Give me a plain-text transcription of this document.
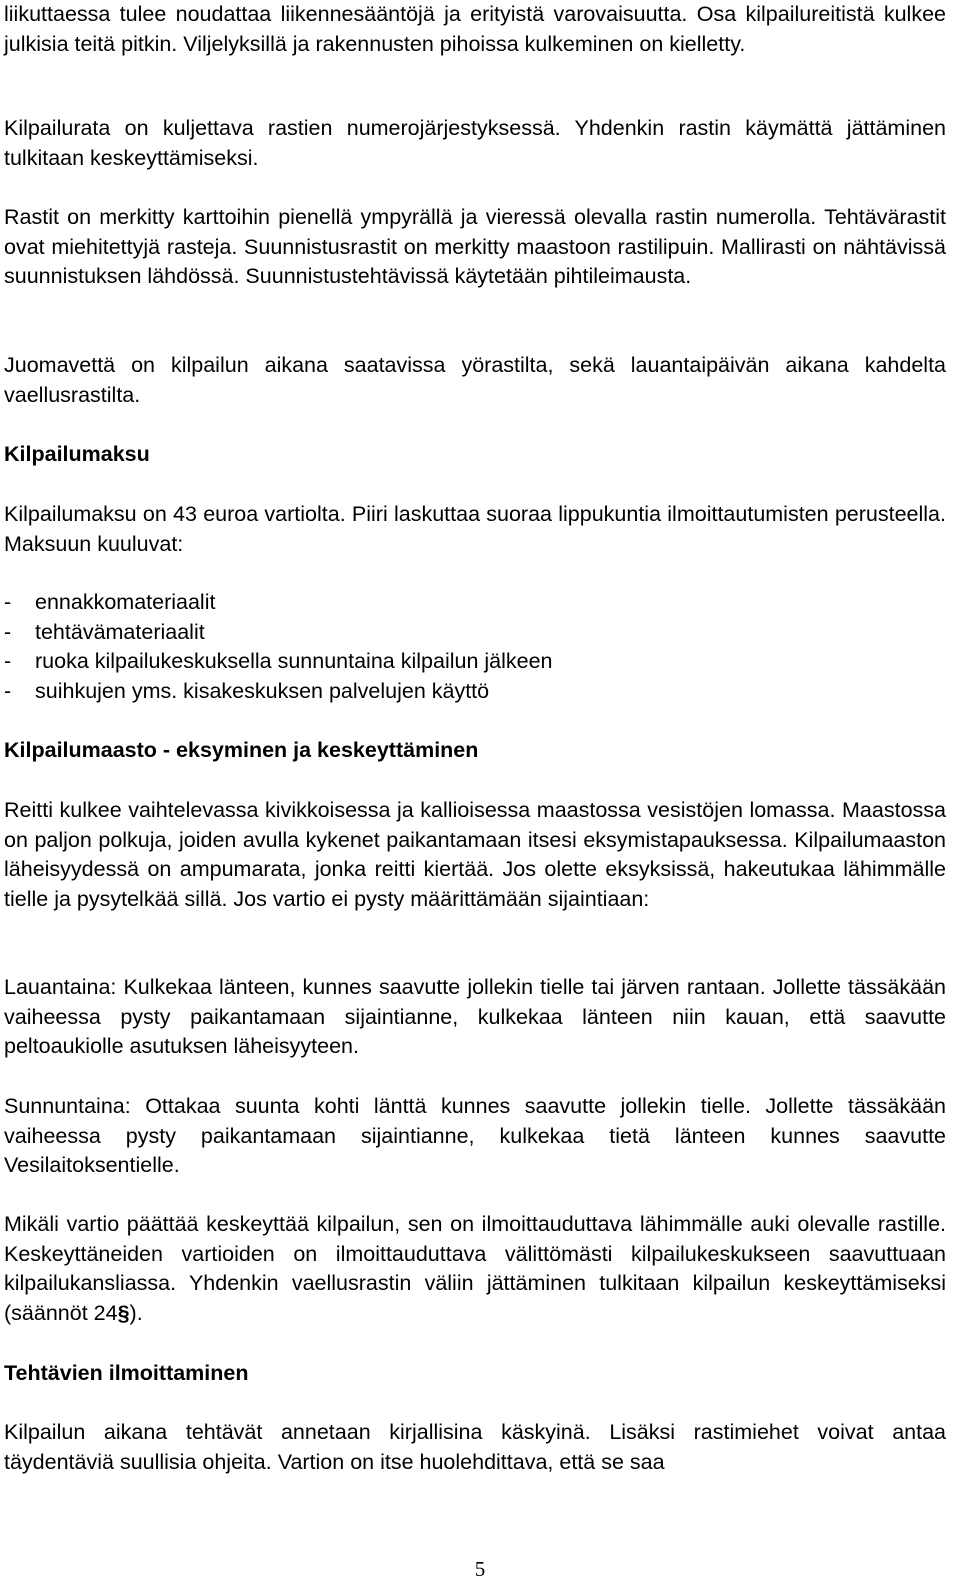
liikuttaessa tulee noudattaa liikennesääntöjä ja erityistä varovaisuutta. Osa kilpailureitistä kulkee julkisia teitä pitkin. Viljelyksillä ja rakennusten pihoissa kulkeminen on kielletty.

Kilpailurata on kuljettava rastien numerojärjestyksessä. Yhdenkin rastin käymättä jättäminen tulkitaan keskeyttämiseksi.

Rastit on merkitty karttoihin pienellä ympyrällä ja vieressä olevalla rastin numerolla. Tehtävärastit ovat miehitettyjä rasteja. Suunnistusrastit on merkitty maastoon rastilipuin. Mallirasti on nähtävissä suunnistuksen lähdössä. Suunnistustehtävissä käytetään pihtileimausta.

Juomavettä on kilpailun aikana saatavissa yörastilta, sekä lauantaipäivän aikana kahdelta vaellusrastilta.

Kilpailumaksu

Kilpailumaksu on 43 euroa vartiolta. Piiri laskuttaa suoraa lippukuntia ilmoittautumisten perusteella. Maksuun kuuluvat:

- ennakkomateriaalit
- tehtävämateriaalit
- ruoka kilpailukeskuksella sunnuntaina kilpailun jälkeen
- suihkujen yms. kisakeskuksen palvelujen käyttö
Kilpailumaasto - eksyminen ja keskeyttäminen

Reitti kulkee vaihtelevassa kivikkoisessa ja kallioisessa maastossa vesistöjen lomassa. Maastossa on paljon polkuja, joiden avulla kykenet paikantamaan itsesi eksymistapauksessa. Kilpailumaaston läheisyydessä on ampumarata, jonka reitti kiertää. Jos olette eksyksissä, hakeutukaa lähimmälle tielle ja pysytelkää sillä. Jos vartio ei pysty määrittämään sijaintiaan:

Lauantaina: Kulkekaa länteen, kunnes saavutte jollekin tielle tai järven rantaan. Jollette tässäkään vaiheessa pysty paikantamaan sijaintianne, kulkekaa länteen niin kauan, että saavutte peltoaukiolle asutuksen läheisyyteen.

Sunnuntaina: Ottakaa suunta kohti länttä kunnes saavutte jollekin tielle. Jollette tässäkään vaiheessa pysty paikantamaan sijaintianne, kulkekaa tietä länteen kunnes saavutte Vesilaitoksentielle.

Mikäli vartio päättää keskeyttää kilpailun, sen on ilmoittauduttava lähimmälle auki olevalle rastille. Keskeyttäneiden vartioiden on ilmoittauduttava välittömästi kilpailukeskukseen saavuttuaan kilpailukansliassa. Yhdenkin vaellusrastin väliin jättäminen tulkitaan kilpailun keskeyttämiseksi (säännöt 24§).

Tehtävien ilmoittaminen

Kilpailun aikana tehtävät annetaan kirjallisina käskyinä. Lisäksi rastimiehet voivat antaa täydentäviä suullisia ohjeita. Vartion on itse huolehdittava, että se saa

5
